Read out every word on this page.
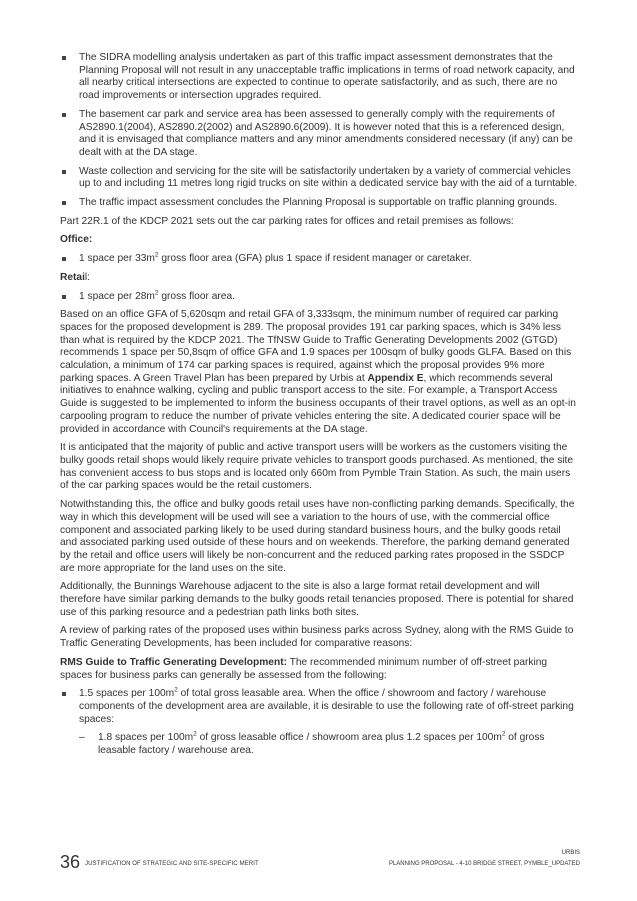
The SIDRA modelling analysis undertaken as part of this traffic impact assessment demonstrates that the Planning Proposal will not result in any unacceptable traffic implications in terms of road network capacity, and all nearby critical intersections are expected to continue to operate satisfactorily, and as such, there are no road improvements or intersection upgrades required.
The basement car park and service area has been assessed to generally comply with the requirements of AS2890.1(2004), AS2890.2(2002) and AS2890.6(2009). It is however noted that this is a referenced design, and it is envisaged that compliance matters and any minor amendments considered necessary (if any) can be dealt with at the DA stage.
Waste collection and servicing for the site will be satisfactorily undertaken by a variety of commercial vehicles up to and including 11 metres long rigid trucks on site within a dedicated service bay with the aid of a turntable.
The traffic impact assessment concludes the Planning Proposal is supportable on traffic planning grounds.

Part 22R.1 of the KDCP 2021 sets out the car parking rates for offices and retail premises as follows:

Office:

1 space per $33m^2$ gross floor area (GFA) plus 1 space if resident manager or caretaker.

Retail:

1 space per $28m^2$ gross floor area.

Based on an office GFA of 5,620sqm and retail GFA of 3,333sqm, the minimum number of required car parking spaces for the proposed development is 289. The proposal provides 191 car parking spaces, which is 34% less than what is required by the KDCP 2021. The TfNSW Guide to Traffic Generating Developments 2002 (GTGD) recommends 1 space per 50,8sqm of office GFA and 1.9 spaces per 100sqm of bulky goods GLFA. Based on this calculation, a minimum of 174 car parking spaces is required, against which the proposal provides 9% more parking spaces. A Green Travel Plan has been prepared by Urbis at Appendix E, which recommends several initiatives to enahnce walking, cycling and public transport access to the site. For example, a Transport Access Guide is suggested to be implemented to inform the business occupants of their travel options, as well as an opt-in carpooling program to reduce the number of private vehicles entering the site. A dedicated courier space will be provided in accordance with Council's requirements at the DA stage.

It is anticipated that the majority of public and active transport users willl be workers as the customers visiting the bulky goods retail shops would likely require private vehicles to transport goods purchased. As mentioned, the site has convenient access to bus stops and is located only 660m from Pymble Train Station. As such, the main users of the car parking spaces would be the retail customers.

Notwithstanding this, the office and bulky goods retail uses have non-conflicting parking demands. Specifically, the way in which this development will be used will see a variation to the hours of use, with the commercial office component and associated parking likely to be used during standard business hours, and the bulky goods retail and associated parking used outside of these hours and on weekends. Therefore, the parking demand generated by the retail and office users will likely be non-concurrent and the reduced parking rates proposed in the SSDCP are more appropriate for the land uses on the site.

Additionally, the Bunnings Warehouse adjacent to the site is also a large format retail development and will therefore have similar parking demands to the bulky goods retail tenancies proposed. There is potential for shared use of this parking resource and a pedestrian path links both sites.

A review of parking rates of the proposed uses within business parks across Sydney, along with the RMS Guide to Traffic Generating Developments, has been included for comparative reasons:

RMS Guide to Traffic Generating Development: The recommended minimum number of off-street parking spaces for business parks can generally be assessed from the following:

1.5 spaces per $100m^2$ of total gross leasable area. When the office / showroom and factory / warehouse components of the development area are available, it is desirable to use the following rate of off-street parking spaces:
– 1.8 spaces per $100m^2$ of gross leasable office / showroom area plus 1.2 spaces per $100m^2$ of gross leasable factory / warehouse area.
36 JUSTIFICATION OF STRATEGIC AND SITE-SPECIFIC MERIT
URBIS
PLANNING PROPOSAL - 4-10 BRIDGE STREET, PYMBLE_UPDATED
